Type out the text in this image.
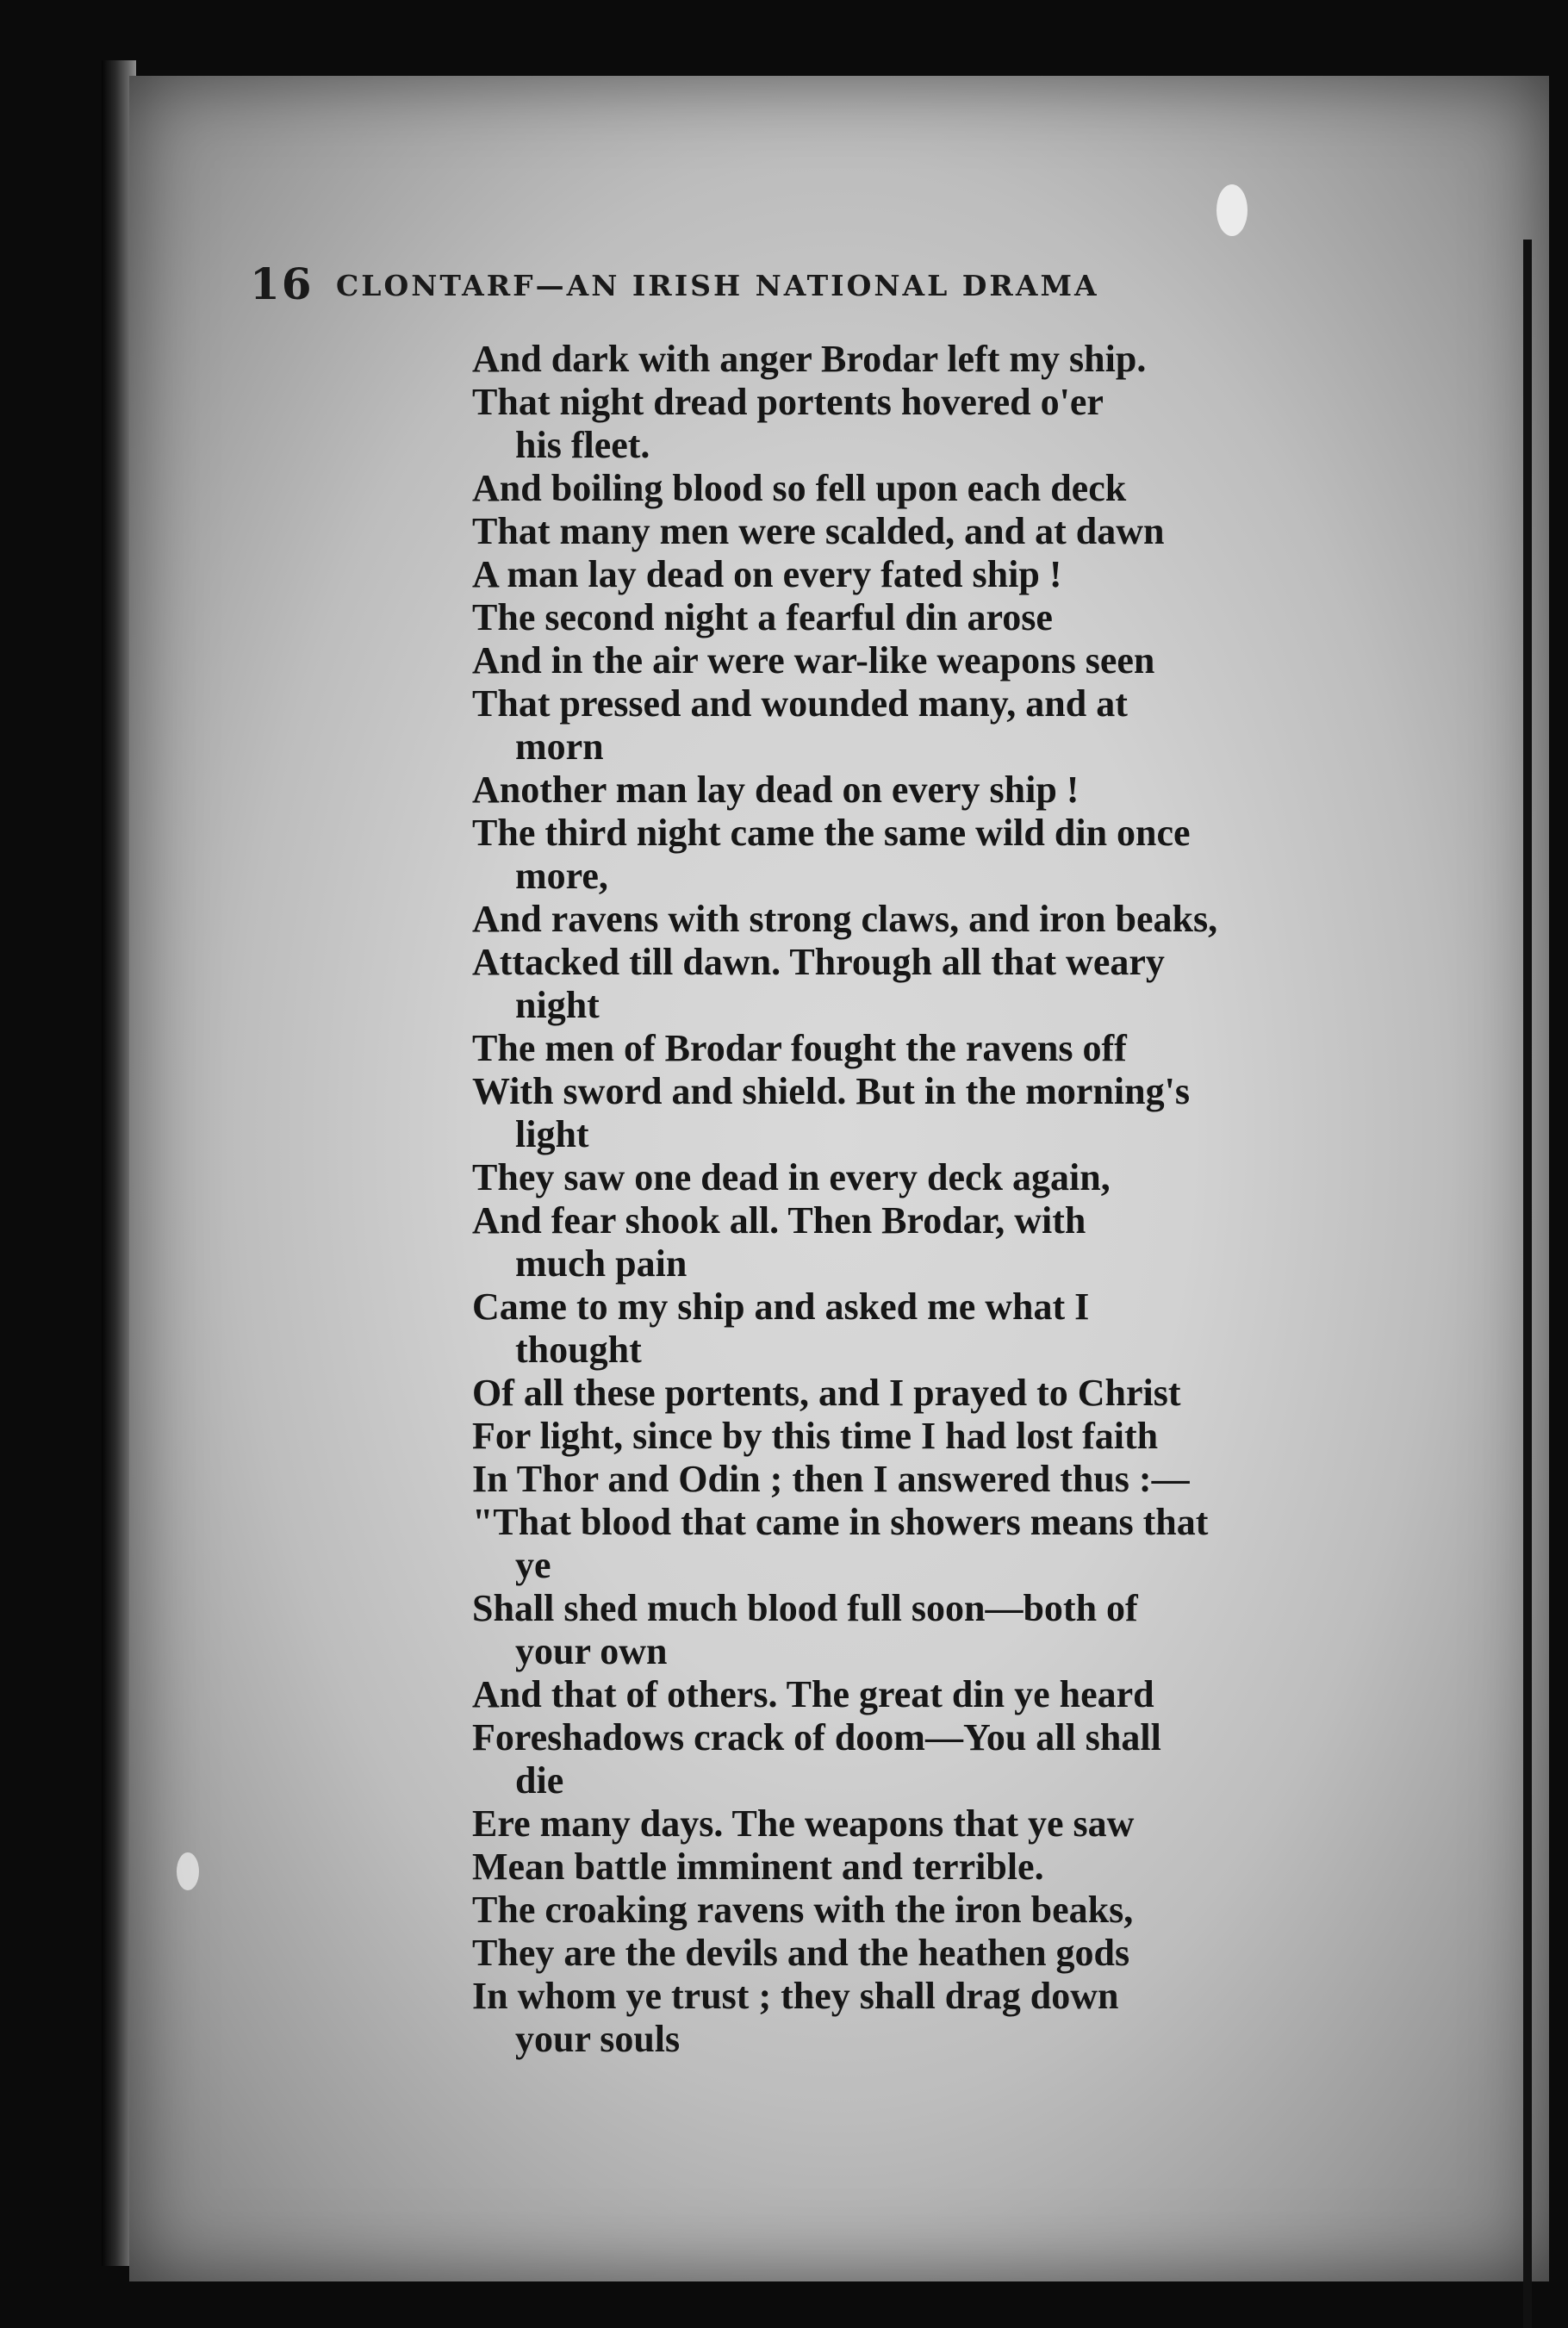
16 CLONTARF—AN IRISH NATIONAL DRAMA
And dark with anger Brodar left my ship.
That night dread portents hovered o'er
his fleet.
And boiling blood so fell upon each deck
That many men were scalded, and at dawn
A man lay dead on every fated ship !
The second night a fearful din arose
And in the air were war-like weapons seen
That pressed and wounded many, and at
morn
Another man lay dead on every ship !
The third night came the same wild din once
more,
And ravens with strong claws, and iron beaks,
Attacked till dawn. Through all that weary
night
The men of Brodar fought the ravens off
With sword and shield. But in the morning's
light
They saw one dead in every deck again,
And fear shook all. Then Brodar, with
much pain
Came to my ship and asked me what I
thought
Of all these portents, and I prayed to Christ
For light, since by this time I had lost faith
In Thor and Odin ; then I answered thus :—
"That blood that came in showers means that
ye
Shall shed much blood full soon—both of
your own
And that of others. The great din ye heard
Foreshadows crack of doom—You all shall
die
Ere many days. The weapons that ye saw
Mean battle imminent and terrible.
The croaking ravens with the iron beaks,
They are the devils and the heathen gods
In whom ye trust ; they shall drag down
your souls
